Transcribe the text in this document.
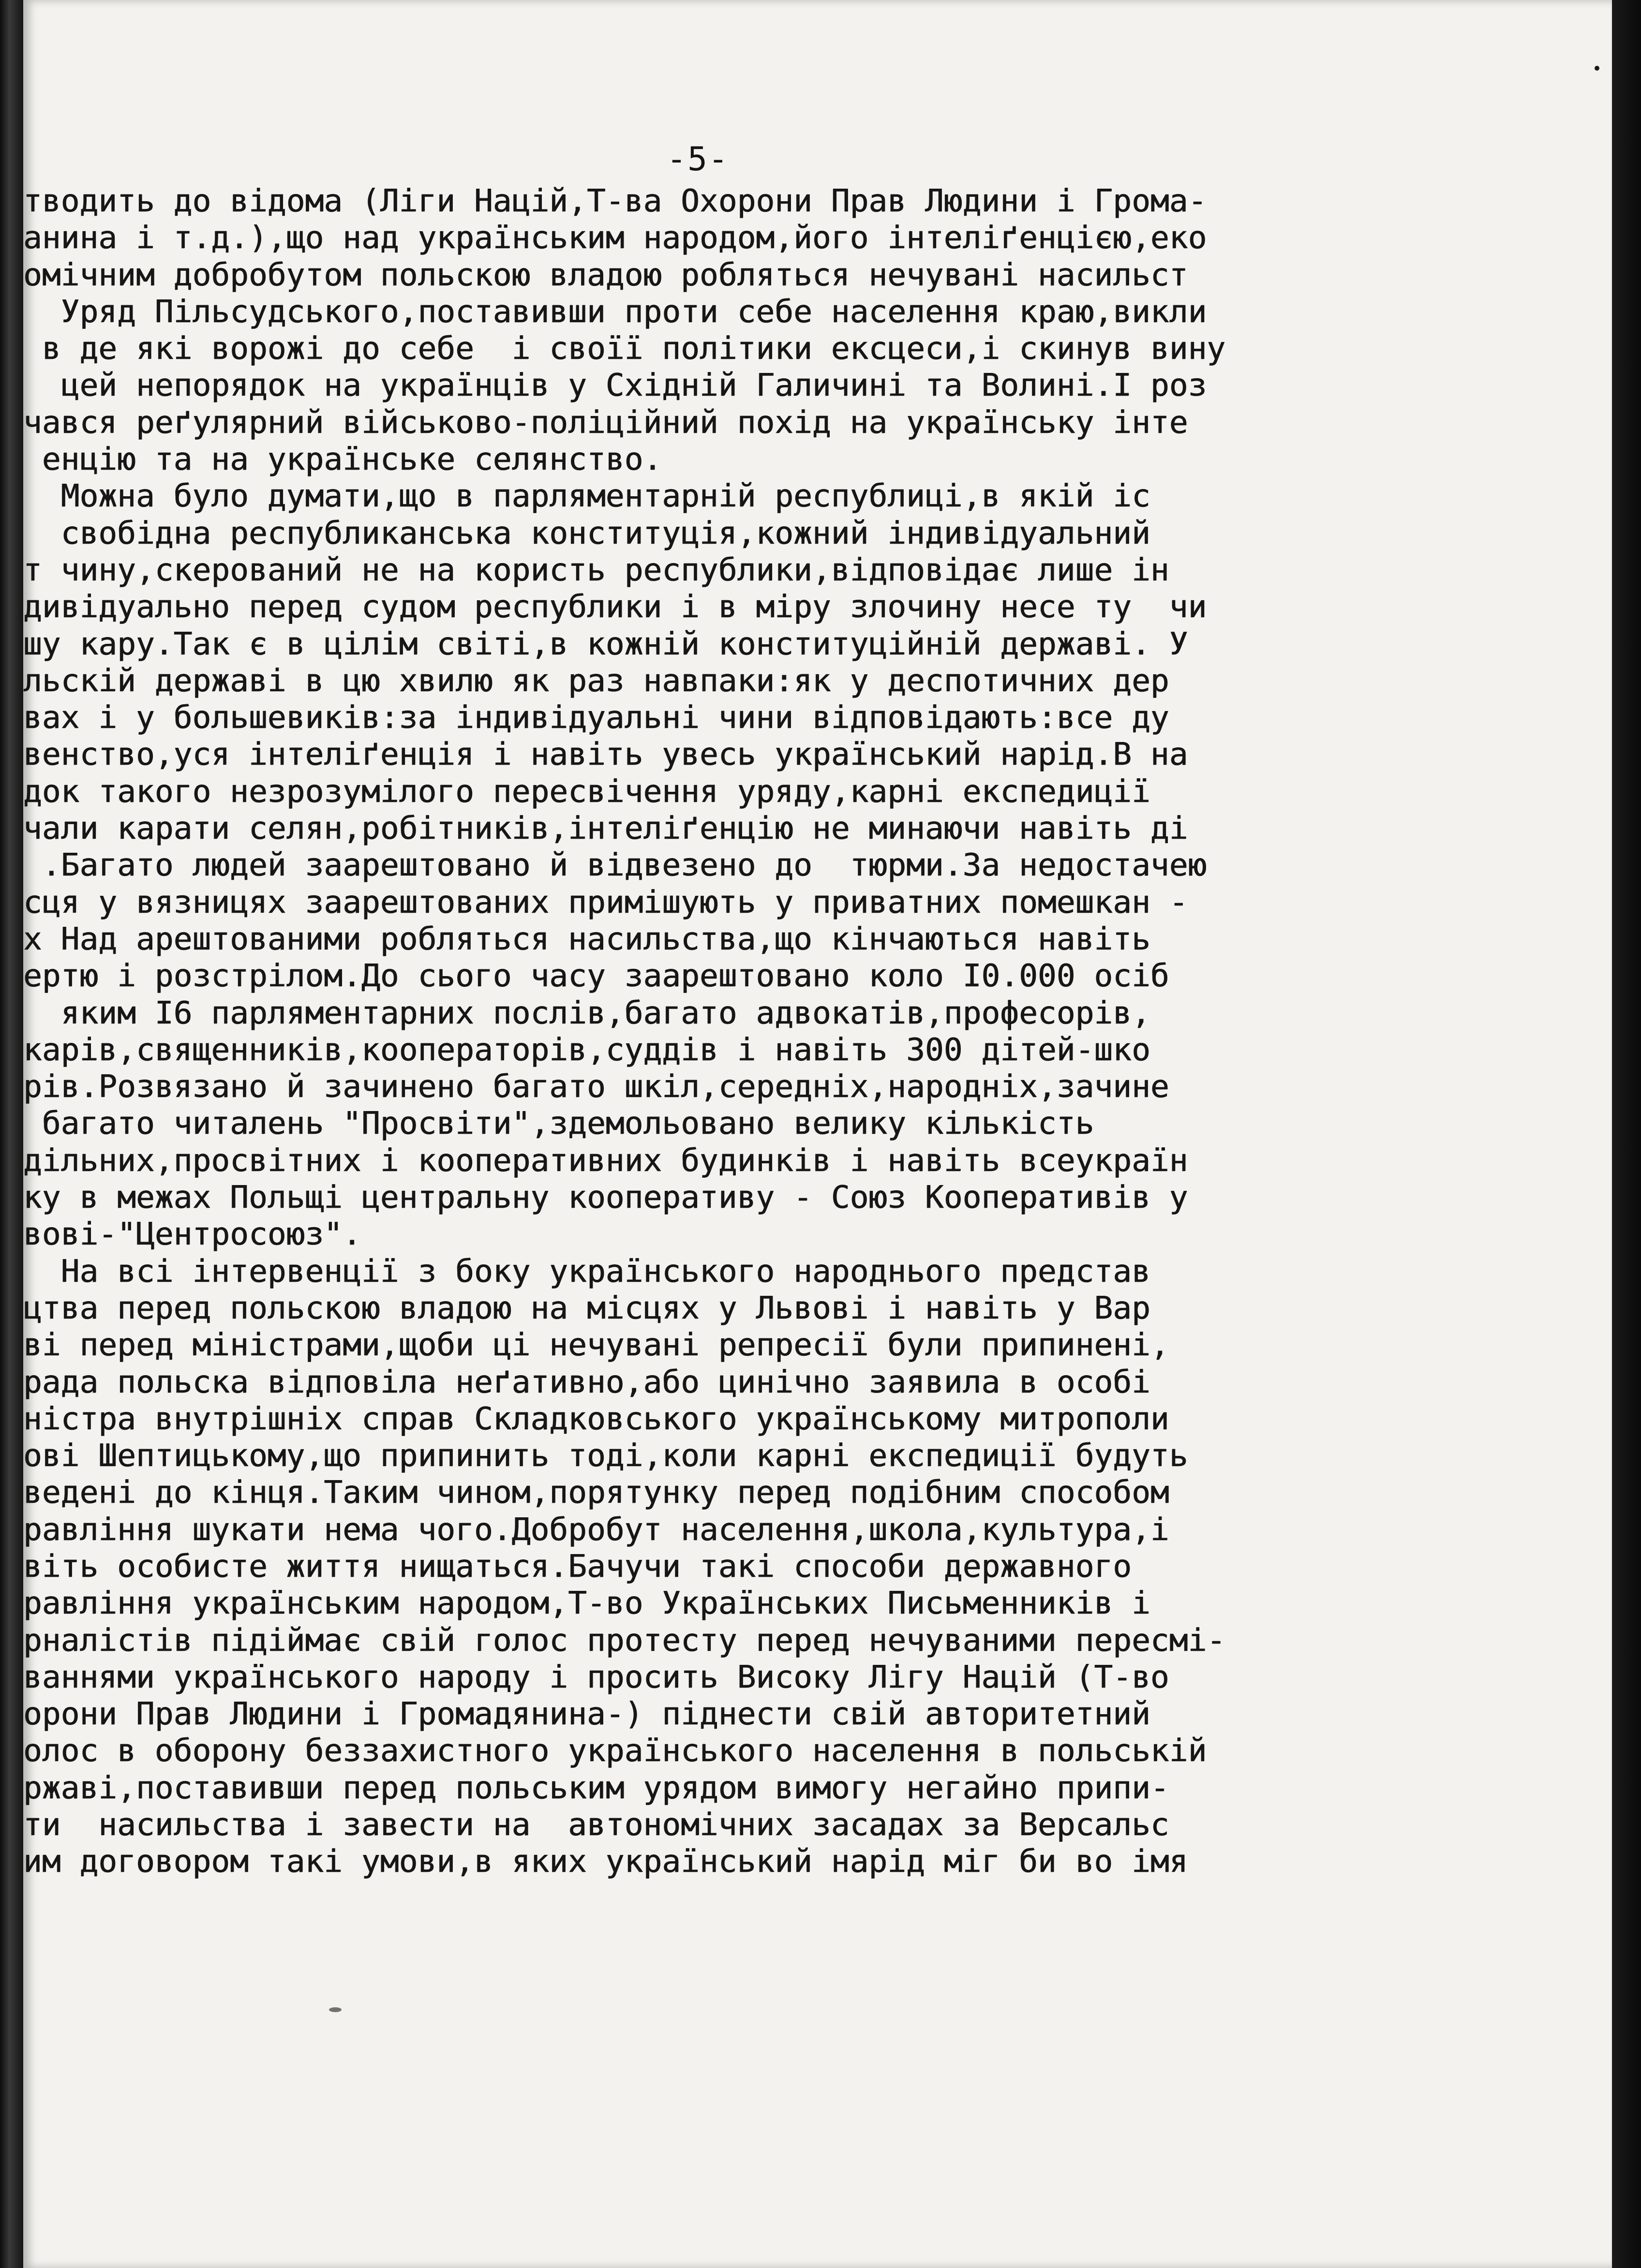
-5-
тводить до відома (Ліги Націй,Т-ва Охорони Прав Людини і Грома-
анина і т.д.),що над українським народом,його інтеліґенцією,еко
омічним добробутом польскою владою робляться нечувані насильст
Уряд Пільсудського,поставивши проти себе населення краю,викли
в де які ворожі до себе  і своїї політики ексцеси,і скинув вину
цей непорядок на українців у Східній Галичині та Волині.І роз
чався реґулярний військово-поліційний похід на українську інте
енцію та на українське селянство.
Можна було думати,що в парляментарній республиці,в якій іс
свобідна республиканська конституція,кожний індивідуальний
т чину,скерований не на користь республики,відповідає лише ін
дивідуально перед судом республики і в міру злочину несе ту  чи
шу кару.Так є в цілім світі,в кожній конституційній державі. У
льскій державі в цю хвилю як раз навпаки:як у деспотичних дер
вах і у большевиків:за індивідуальні чини відповідають:все ду
венство,уся інтеліґенція і навіть увесь український нарід.В на
док такого незрозумілого пересвічення уряду,карні експедиції
чали карати селян,робітників,інтеліґенцію не минаючи навіть ді
.Багато людей заарештовано й відвезено до  тюрми.За недостачею
сця у вязницях заарештованих примішують у приватних помешкан -
х Над арештованими робляться насильства,що кінчаються навіть
ертю і розстрілом.До сього часу заарештовано коло І0.000 осіб
яким І6 парляментарних послів,багато адвокатів,професорів,
карів,священників,кооператорів,суддів і навіть 300 дітей-шко
рів.Розвязано й зачинено багато шкіл,середніх,народніх,зачине
багато читалень "Просвіти",здемольовано велику кількість
дільних,просвітних і кооперативних будинків і навіть всеукраїн
ку в межах Польщі центральну кооперативу - Союз Кооперативів у
вові-"Центросоюз".
На всі інтервенції з боку українського народнього представ
цтва перед польскою владою на місцях у Львові і навіть у Вар
ві перед міністрами,щоби ці нечувані репресії були припинені,
рада польска відповіла неґативно,або цинічно заявила в особі
ністра внутрішніх справ Складковського українському митрополи
ові Шептицькому,що припинить тоді,коли карні експедиції будуть
ведені до кінця.Таким чином,порятунку перед подібним способом
равління шукати нема чого.Добробут населення,школа,культура,і
віть особисте життя нищаться.Бачучи такі способи державного
равління українським народом,Т-во Українських Письменників і
рналістів підіймає свій голос протесту перед нечуваними пересмі-
ваннями українського народу і просить Високу Лігу Націй (Т-во
орони Прав Людини і Громадянина-) піднести свій авторитетний
олос в оборону беззахистного українського населення в польській
ржаві,поставивши перед польським урядом вимогу негайно припи-
ти  насильства і завести на  автономічних засадах за Версальс
им договором такі умови,в яких український нарід міг би во імя
